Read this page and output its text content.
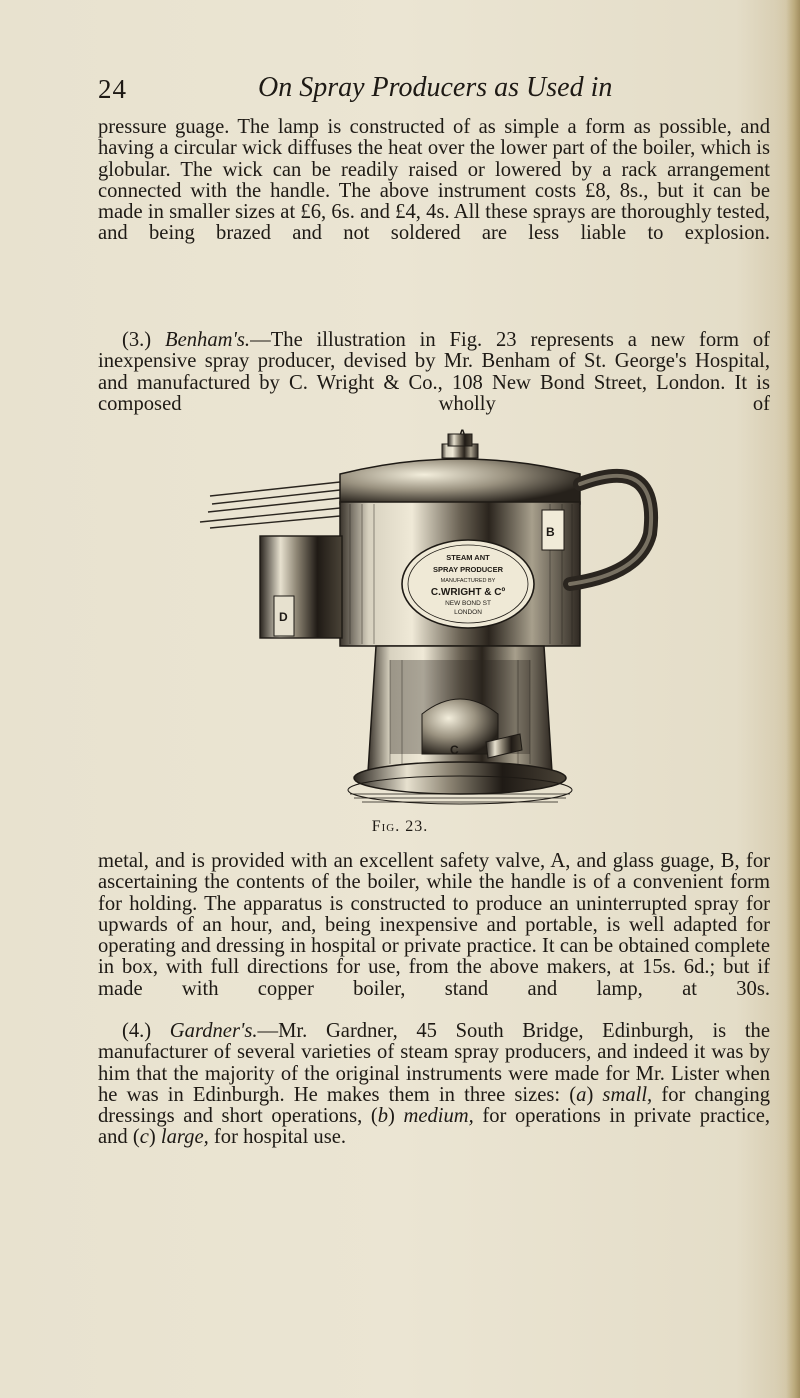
24	On Spray Producers as Used in

pressure guage. The lamp is constructed of as simple a form as possible, and having a circular wick diffuses the heat over the lower part of the boiler, which is globular. The wick can be readily raised or lowered by a rack arrangement connected with the handle. The above instrument costs £8, 8s., but it can be made in smaller sizes at £6, 6s. and £4, 4s. All these sprays are thoroughly tested, and being brazed and not soldered are less liable to explosion.

(3.) Benham's.—The illustration in Fig. 23 represents a new form of inexpensive spray producer, devised by Mr. Benham of St. George's Hospital, and manufactured by C. Wright & Co., 108 New Bond Street, London. It is composed wholly of

D
B
STEAM ANT
SPRAY PRODUCER
MANUFACTURED BY
C.WRIGHT & Cº
NEW BOND ST
LONDON
C
Fig. 23.

metal, and is provided with an excellent safety valve, A, and glass guage, B, for ascertaining the contents of the boiler, while the handle is of a convenient form for holding. The apparatus is constructed to produce an uninterrupted spray for upwards of an hour, and, being inexpensive and portable, is well adapted for operating and dressing in hospital or private practice. It can be obtained complete in box, with full directions for use, from the above makers, at 15s. 6d.; but if made with copper boiler, stand and lamp, at 30s.

(4.) Gardner's.—Mr. Gardner, 45 South Bridge, Edinburgh, is the manufacturer of several varieties of steam spray producers, and indeed it was by him that the majority of the original instruments were made for Mr. Lister when he was in Edinburgh. He makes them in three sizes: (a) small, for changing dressings and short operations, (b) medium, for operations in private practice, and (c) large, for hospital use.
